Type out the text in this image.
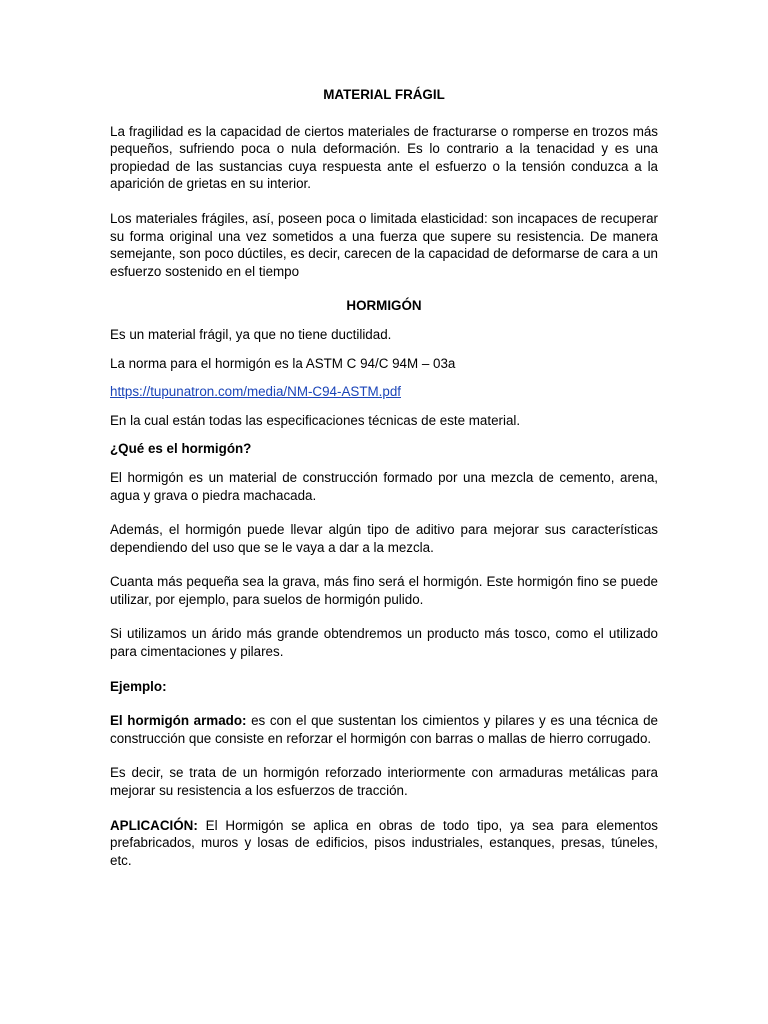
MATERIAL FRÁGIL

La fragilidad es la capacidad de ciertos materiales de fracturarse o romperse en trozos más pequeños, sufriendo poca o nula deformación. Es lo contrario a la tenacidad y es una propiedad de las sustancias cuya respuesta ante el esfuerzo o la tensión conduzca a la aparición de grietas en su interior.

Los materiales frágiles, así, poseen poca o limitada elasticidad: son incapaces de recuperar su forma original una vez sometidos a una fuerza que supere su resistencia. De manera semejante, son poco dúctiles, es decir, carecen de la capacidad de deformarse de cara a un esfuerzo sostenido en el tiempo

HORMIGÓN

Es un material frágil, ya que no tiene ductilidad.

La norma para el hormigón es la ASTM C 94/C 94M – 03a

https://tupunatron.com/media/NM-C94-ASTM.pdf

En la cual están todas las especificaciones técnicas de este material.

¿Qué es el hormigón?

El hormigón es un material de construcción formado por una mezcla de cemento, arena, agua y grava o piedra machacada.

Además, el hormigón puede llevar algún tipo de aditivo para mejorar sus características dependiendo del uso que se le vaya a dar a la mezcla.

Cuanta más pequeña sea la grava, más fino será el hormigón. Este hormigón fino se puede utilizar, por ejemplo, para suelos de hormigón pulido.

Si utilizamos un árido más grande obtendremos un producto más tosco, como el utilizado para cimentaciones y pilares.

Ejemplo:

El hormigón armado: es con el que sustentan los cimientos y pilares y es una técnica de construcción que consiste en reforzar el hormigón con barras o mallas de hierro corrugado.

Es decir, se trata de un hormigón reforzado interiormente con armaduras metálicas para mejorar su resistencia a los esfuerzos de tracción.

APLICACIÓN: El Hormigón se aplica en obras de todo tipo, ya sea para elementos prefabricados, muros y losas de edificios, pisos industriales, estanques, presas, túneles, etc.
